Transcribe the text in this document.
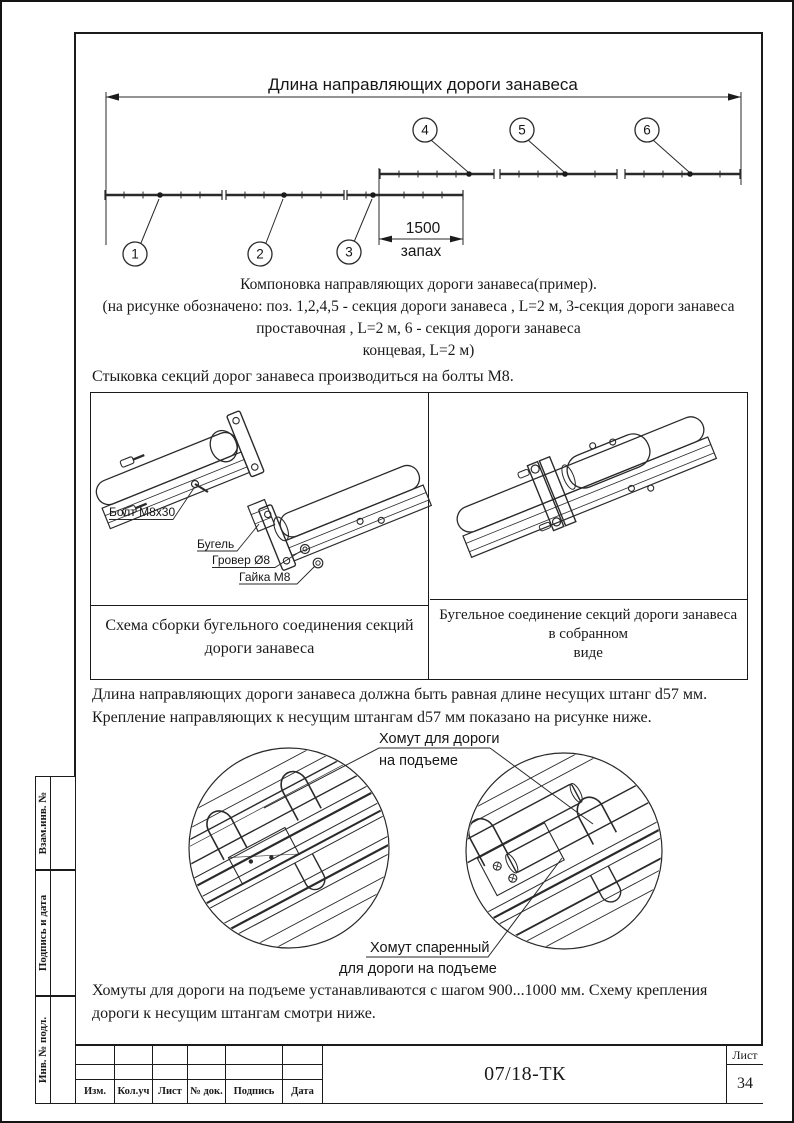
Длина направляющих дороги занавеса
1500
запах
1	2	3
4	5	6
Компоновка направляющих дороги занавеса(пример).
(на рисунке обозначено: поз. 1,2,4,5 - секция дороги занавеса , L=2 м, 3-секция дороги занавеса
проставочная , L=2 м, 6 - секция дороги занавеса
концевая, L=2 м)
Стыковка секций дорог занавеса производиться на болты М8.
Болт М8х30
Бугель
Гровер Ø8
Гайка М8
Схема сборки бугельного соединения секций
дороги занавеса
Бугельное соединение секций дороги занавеса
в собранном
виде
Длина направляющих дороги занавеса должна быть равная длине несущих штанг d57 мм.
Крепление направляющих к несущим штангам d57 мм показано на рисунке ниже.
Хомут для дороги
на подъеме
Хомут спаренный
для дороги на подъеме
Хомуты для дороги на подъеме устанавливаются с шагом 900...1000 мм. Схему крепления
дороги к несущим штангам смотри ниже.
Взам.инв. №
Подпись и дата
Инв. № подл.
Изм.	Кол.уч Лист № док.	Подпись	Дата
07/18-ТК
Лист
34
